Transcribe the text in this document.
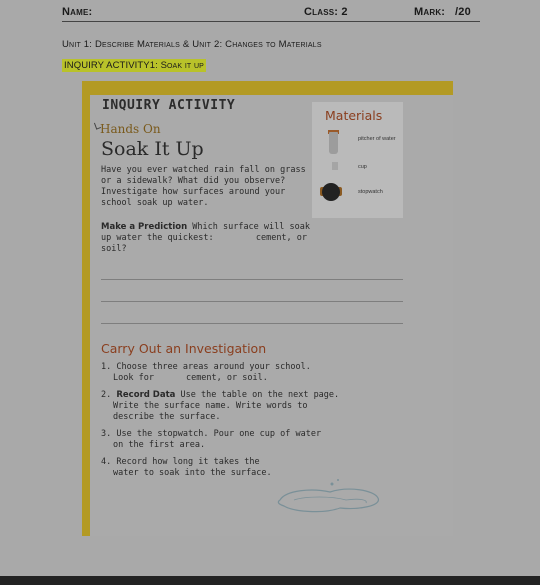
Name:	Class: 2	Mark: /20
Unit 1: Describe Materials & Unit 2: Changes to Materials
INQUIRY ACTIVITY1: Soak it up
INQUIRY ACTIVITY
Hands On
Soak It Up
Have you ever watched rain fall on grass or a sidewalk? What did you observe? Investigate how surfaces around your school soak up water.
Make a Prediction Which surface will soak up water the quickest:	cement, or soil?
Carry Out an Investigation
1. Choose three areas around your school.
Look for	cement, or soil.
2. Record Data Use the table on the next page.
Write the surface name. Write words to describe the surface.
3. Use the stopwatch. Pour one cup of water
on the first area.
4. Record how long it takes the
water to soak into the surface.
Materials
pitcher of water
cup
stopwatch
